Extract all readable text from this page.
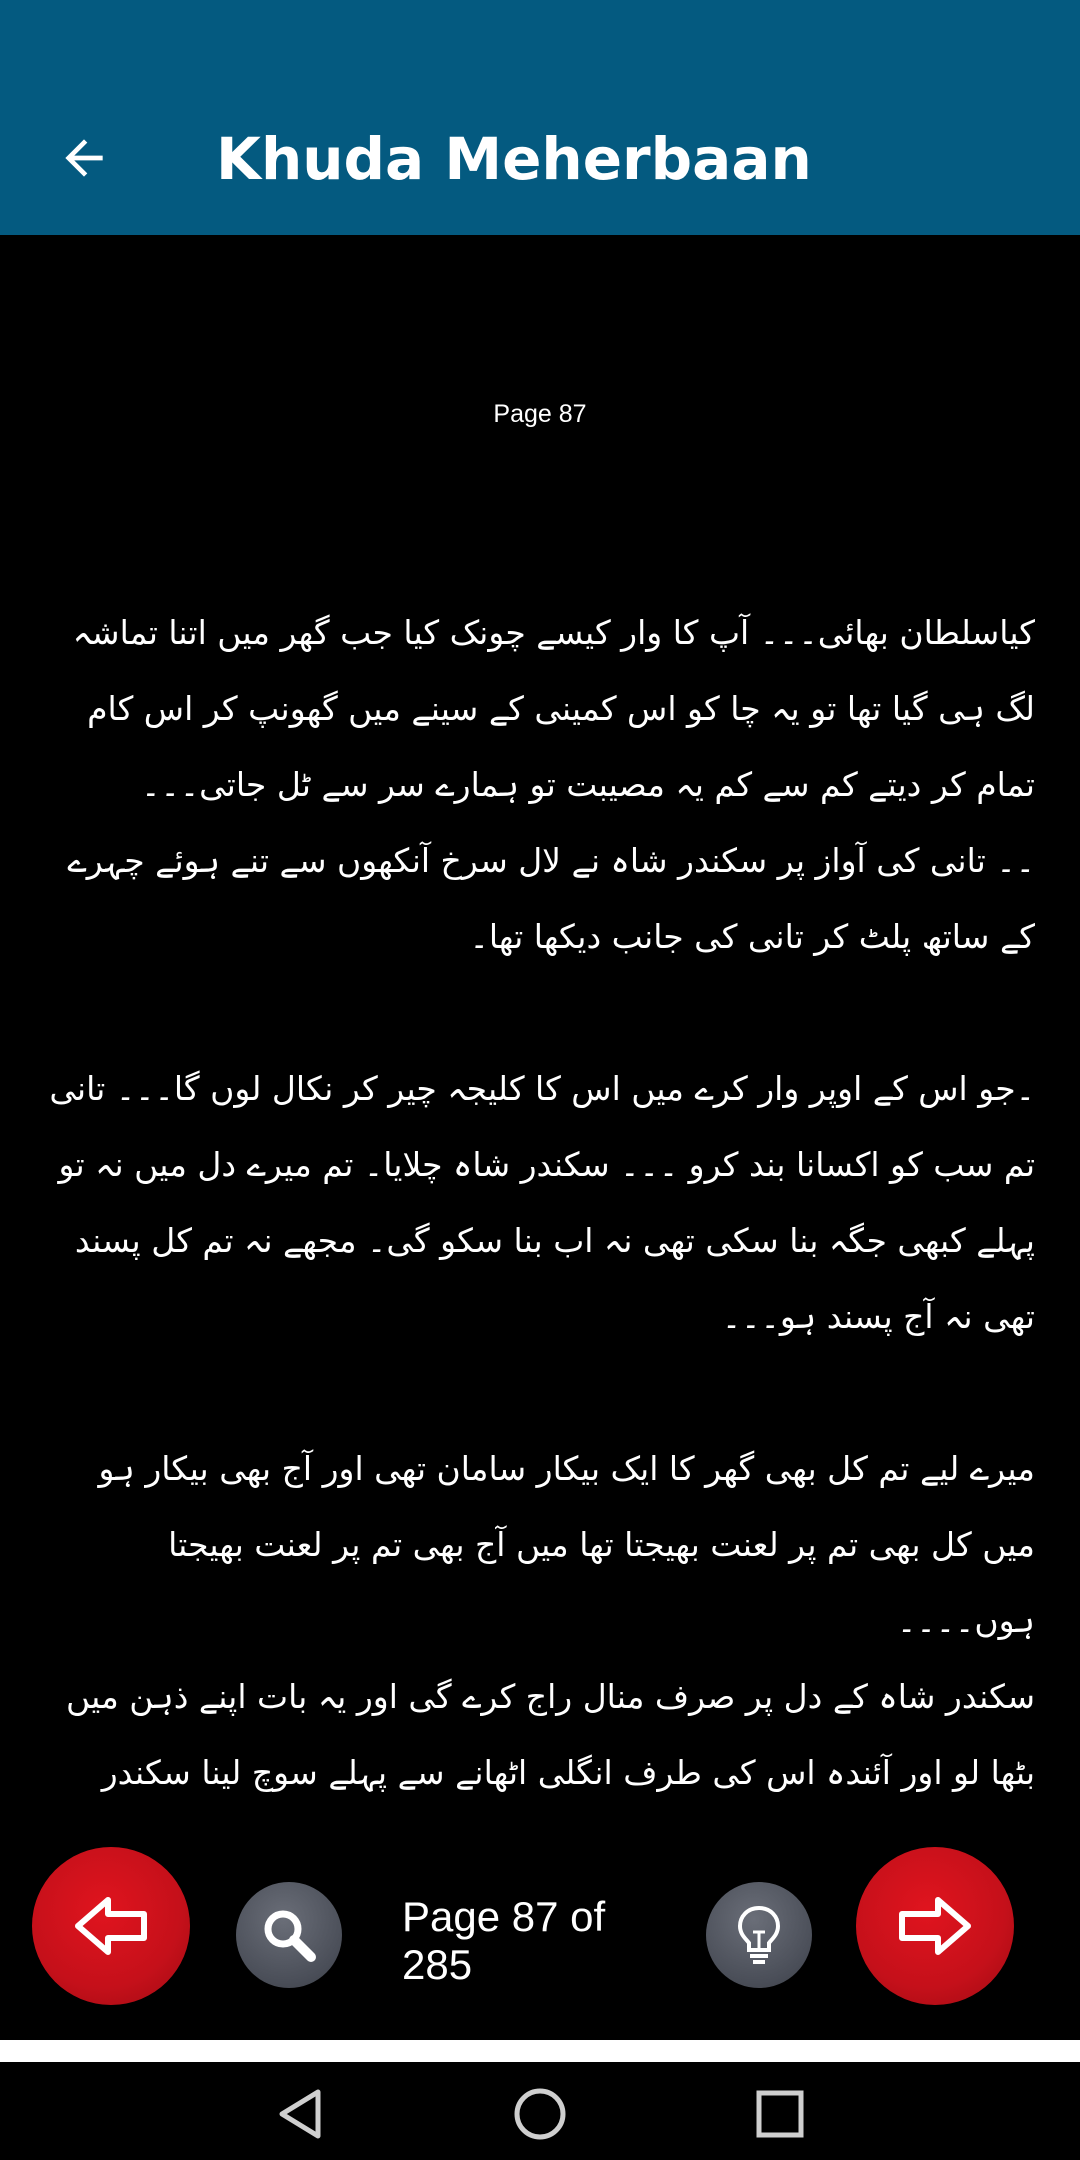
Khuda Meherbaan
Page 87

کیاسلطان بھائی۔۔۔ آپ کا وار کیسے چونک کیا جب گھر میں اتنا تماشہ لگ ہی گیا تھا تو یہ چا کو اس کمینی کے سینے میں گھونپ کر اس کام تمام کر دیتے کم سے کم یہ مصیبت تو ہمارے سر سے ٹل جاتی۔۔۔

۔۔ تانی کی آواز پر سکندر شاہ نے لال سرخ آنکھوں سے تنے ہوئے چہرے کے ساتھ پلٹ کر تانی کی جانب دیکھا تھا۔

۔جو اس کے اوپر وار کرے میں اس کا کلیجہ چیر کر نکال لوں گا۔۔۔ تانی تم سب کو اکسانا بند کرو ۔۔۔ سکندر شاہ چلایا۔ تم میرے دل میں نہ تو پہلے کبھی جگہ بنا سکی تھی نہ اب بنا سکو گی۔ مجھے نہ تم کل پسند تھی نہ آج پسند ہو۔۔۔

میرے لیے تم کل بھی گھر کا ایک بیکار سامان تھی اور آج بھی بیکار ہو میں کل بھی تم پر لعنت بھیجتا تھا میں آج بھی تم پر لعنت بھیجتا ہوں۔۔۔۔

سکندر شاہ کے دل پر صرف منال راج کرے گی اور یہ بات اپنے ذہن میں بٹھا لو اور آئندہ اس کی طرف انگلی اٹھانے سے پہلے سوچ لینا سکندر

Page 87 of 285
